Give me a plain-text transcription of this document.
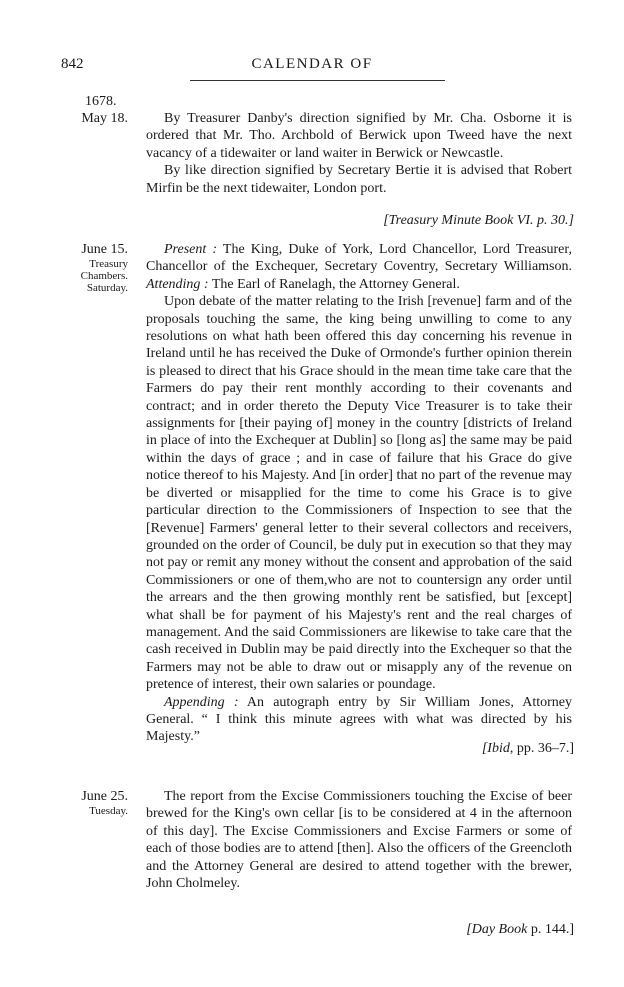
842	CALENDAR OF
1678.
May 18.	By Treasurer Danby's direction signified by Mr. Cha. Osborne it is ordered that Mr. Tho. Archbold of Berwick upon Tweed have the next vacancy of a tidewaiter or land waiter in Berwick or Newcastle.

By like direction signified by Secretary Bertie it is advised that Robert Mirfin be the next tidewaiter, London port.

[Treasury Minute Book VI. p. 30.]
June 15.
Treasury Chambers.
Saturday.

Present : The King, Duke of York, Lord Chancellor, Lord Treasurer, Chancellor of the Exchequer, Secretary Coventry, Secretary Williamson. Attending : The Earl of Ranelagh, the Attorney General.

Upon debate of the matter relating to the Irish [revenue] farm and of the proposals touching the same, the king being unwilling to come to any resolutions on what hath been offered this day concerning his revenue in Ireland until he has received the Duke of Ormonde's further opinion therein is pleased to direct that his Grace should in the mean time take care that the Farmers do pay their rent monthly according to their covenants and contract; and in order thereto the Deputy Vice Treasurer is to take their assignments for [their paying of] money in the country [districts of Ireland in place of into the Exchequer at Dublin] so [long as] the same may be paid within the days of grace ; and in case of failure that his Grace do give notice thereof to his Majesty. And [in order] that no part of the revenue may be diverted or misapplied for the time to come his Grace is to give particular direction to the Commissioners of Inspection to see that the [Revenue] Farmers' general letter to their several collectors and receivers, grounded on the order of Council, be duly put in execution so that they may not pay or remit any money without the consent and approbation of the said Commissioners or one of them,who are not to countersign any order until the arrears and the then growing monthly rent be satisfied, but [except] what shall be for payment of his Majesty's rent and the real charges of management. And the said Commissioners are likewise to take care that the cash received in Dublin may be paid directly into the Exchequer so that the Farmers may not be able to draw out or misapply any of the revenue on pretence of interest, their own salaries or poundage.

Appending : An autograph entry by Sir William Jones, Attorney General. “ I think this minute agrees with what was directed by his Majesty.”

[Ibid, pp. 36–7.]
June 25.
Tuesday.

The report from the Excise Commissioners touching the Excise of beer brewed for the King's own cellar [is to be considered at 4 in the afternoon of this day]. The Excise Commissioners and Excise Farmers or some of each of those bodies are to attend [then]. Also the officers of the Greencloth and the Attorney General are desired to attend together with the brewer, John Cholmeley.

[Day Book p. 144.]
